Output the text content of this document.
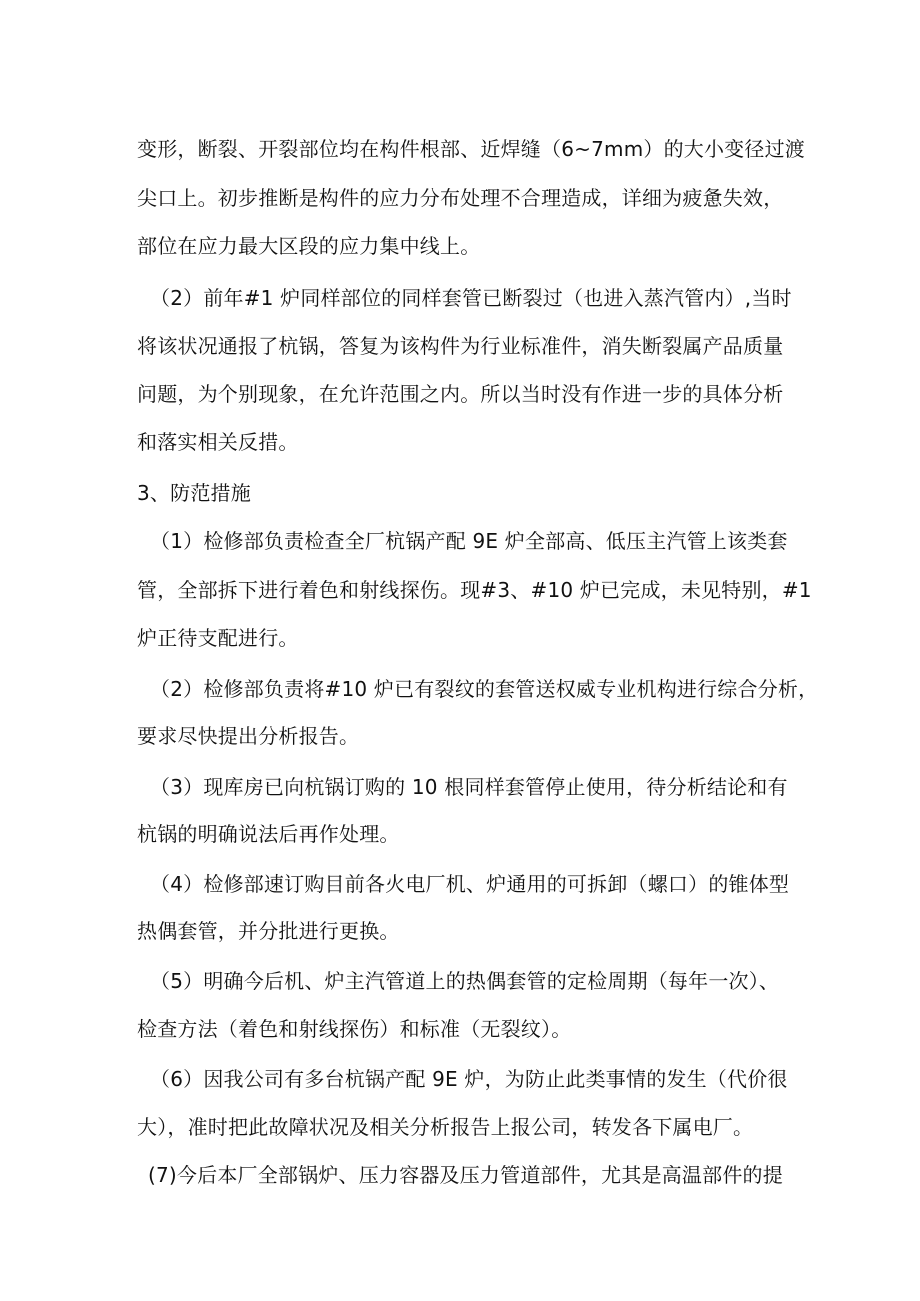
变形，断裂、开裂部位均在构件根部、近焊缝（6~7mm）的大小变径过渡
尖口上。初步推断是构件的应力分布处理不合理造成，详细为疲惫失效，
部位在应力最大区段的应力集中线上。
（2）前年#1 炉同样部位的同样套管已断裂过（也进入蒸汽管内）,当时
将该状况通报了杭锅，答复为该构件为行业标准件，消失断裂属产品质量
问题，为个别现象，在允许范围之内。所以当时没有作进一步的具体分析
和落实相关反措。
3、防范措施
（1）检修部负责检查全厂杭锅产配 9E 炉全部高、低压主汽管上该类套
管，全部拆下进行着色和射线探伤。现#3、#10 炉已完成，未见特别，#1
炉正待支配进行。
（2）检修部负责将#10 炉已有裂纹的套管送权威专业机构进行综合分析，
要求尽快提出分析报告。
（3）现库房已向杭锅订购的 10 根同样套管停止使用，待分析结论和有
杭锅的明确说法后再作处理。
（4）检修部速订购目前各火电厂机、炉通用的可拆卸（螺口）的锥体型
热偶套管，并分批进行更换。
（5）明确今后机、炉主汽管道上的热偶套管的定检周期（每年一次）、
检查方法（着色和射线探伤）和标准（无裂纹）。
（6）因我公司有多台杭锅产配 9E 炉，为防止此类事情的发生（代价很
大），准时把此故障状况及相关分析报告上报公司，转发各下属电厂。
(7)今后本厂全部锅炉、压力容器及压力管道部件，尤其是高温部件的提
